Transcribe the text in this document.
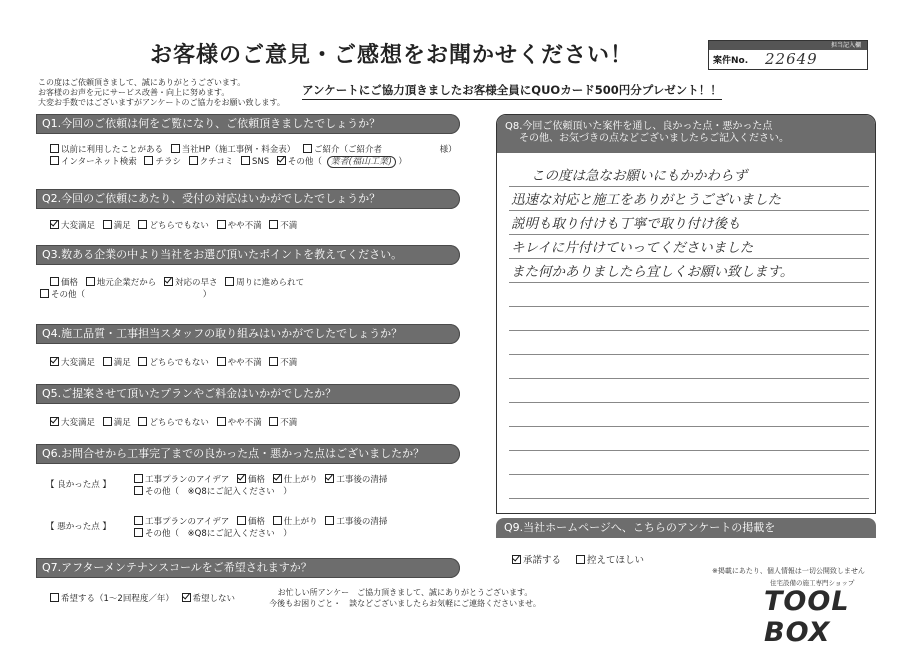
お客様のご意見・ご感想をお聞かせください！	担当記入欄
案件No. 22649
この度はご依頼頂きまして、誠にありがとうございます。
お客様のお声を元にサービス改善・向上に努めます。
大変お手数ではございますがアンケートのご協力をお願い致します。
アンケートにご協力頂きましたお客様全員にQUOカード500円分プレゼント！！
Q1.今回のご依頼は何をご覧になり、ご依頼頂きましたでしょうか？
以前に利用したことがある 当社HP（施工事例・料金表） ご紹介（ご紹介者	様）
インターネット検索 チラシ クチコミ SNS その他（ 業者(福山工業) ）
Q2.今回のご依頼にあたり、受付の対応はいかがでしたでしょうか？
大変満足 満足 どちらでもない やや不満 不満
Q3.数ある企業の中より当社をお選び頂いたポイントを教えてください。
価格 地元企業だから 対応の早さ 周りに進められて
その他（	）
Q4.施工品質・工事担当スタッフの取り組みはいかがでしたでしょうか？
大変満足 満足 どちらでもない やや不満 不満
Q5.ご提案させて頂いたプランやご料金はいかがでしたか？
大変満足 満足 どちらでもない やや不満 不満
Q6.お問合せから工事完了までの良かった点・悪かった点はございましたか？
【 良かった点 】	工事プランのアイデア 価格 仕上がり 工事後の清掃
その他（　※Q8にご記入ください　）
【 悪かった点 】	工事プランのアイデア 価格 仕上がり 工事後の清掃
その他（　※Q8にご記入ください　）
Q7.アフターメンテナンスコールをご希望されますか？
希望する（1～2回程度／年） 希望しない
Q8.今回ご依頼頂いた案件を通し、良かった点・悪かった点
その他、お気づきの点などございましたらご記入ください。
この度は急なお願いにもかかわらず
迅速な対応と施工をありがとうございました
説明も取り付けも丁寧で取り付け後も
キレイに片付けていってくださいました
また何かありましたら宜しくお願い致します。
Q9.当社ホームページへ、こちらのアンケートの掲載を
承諾する	控えてほしい
※掲載にあたり、個人情報は一切公開致しません
お忙しい所アンケー　ご協力頂きまして、誠にありがとうございます。
今後もお困りごと・　談などございましたらお気軽にご連絡くださいませ。
住宅設備の施工専門ショップ
TOOL BOX
